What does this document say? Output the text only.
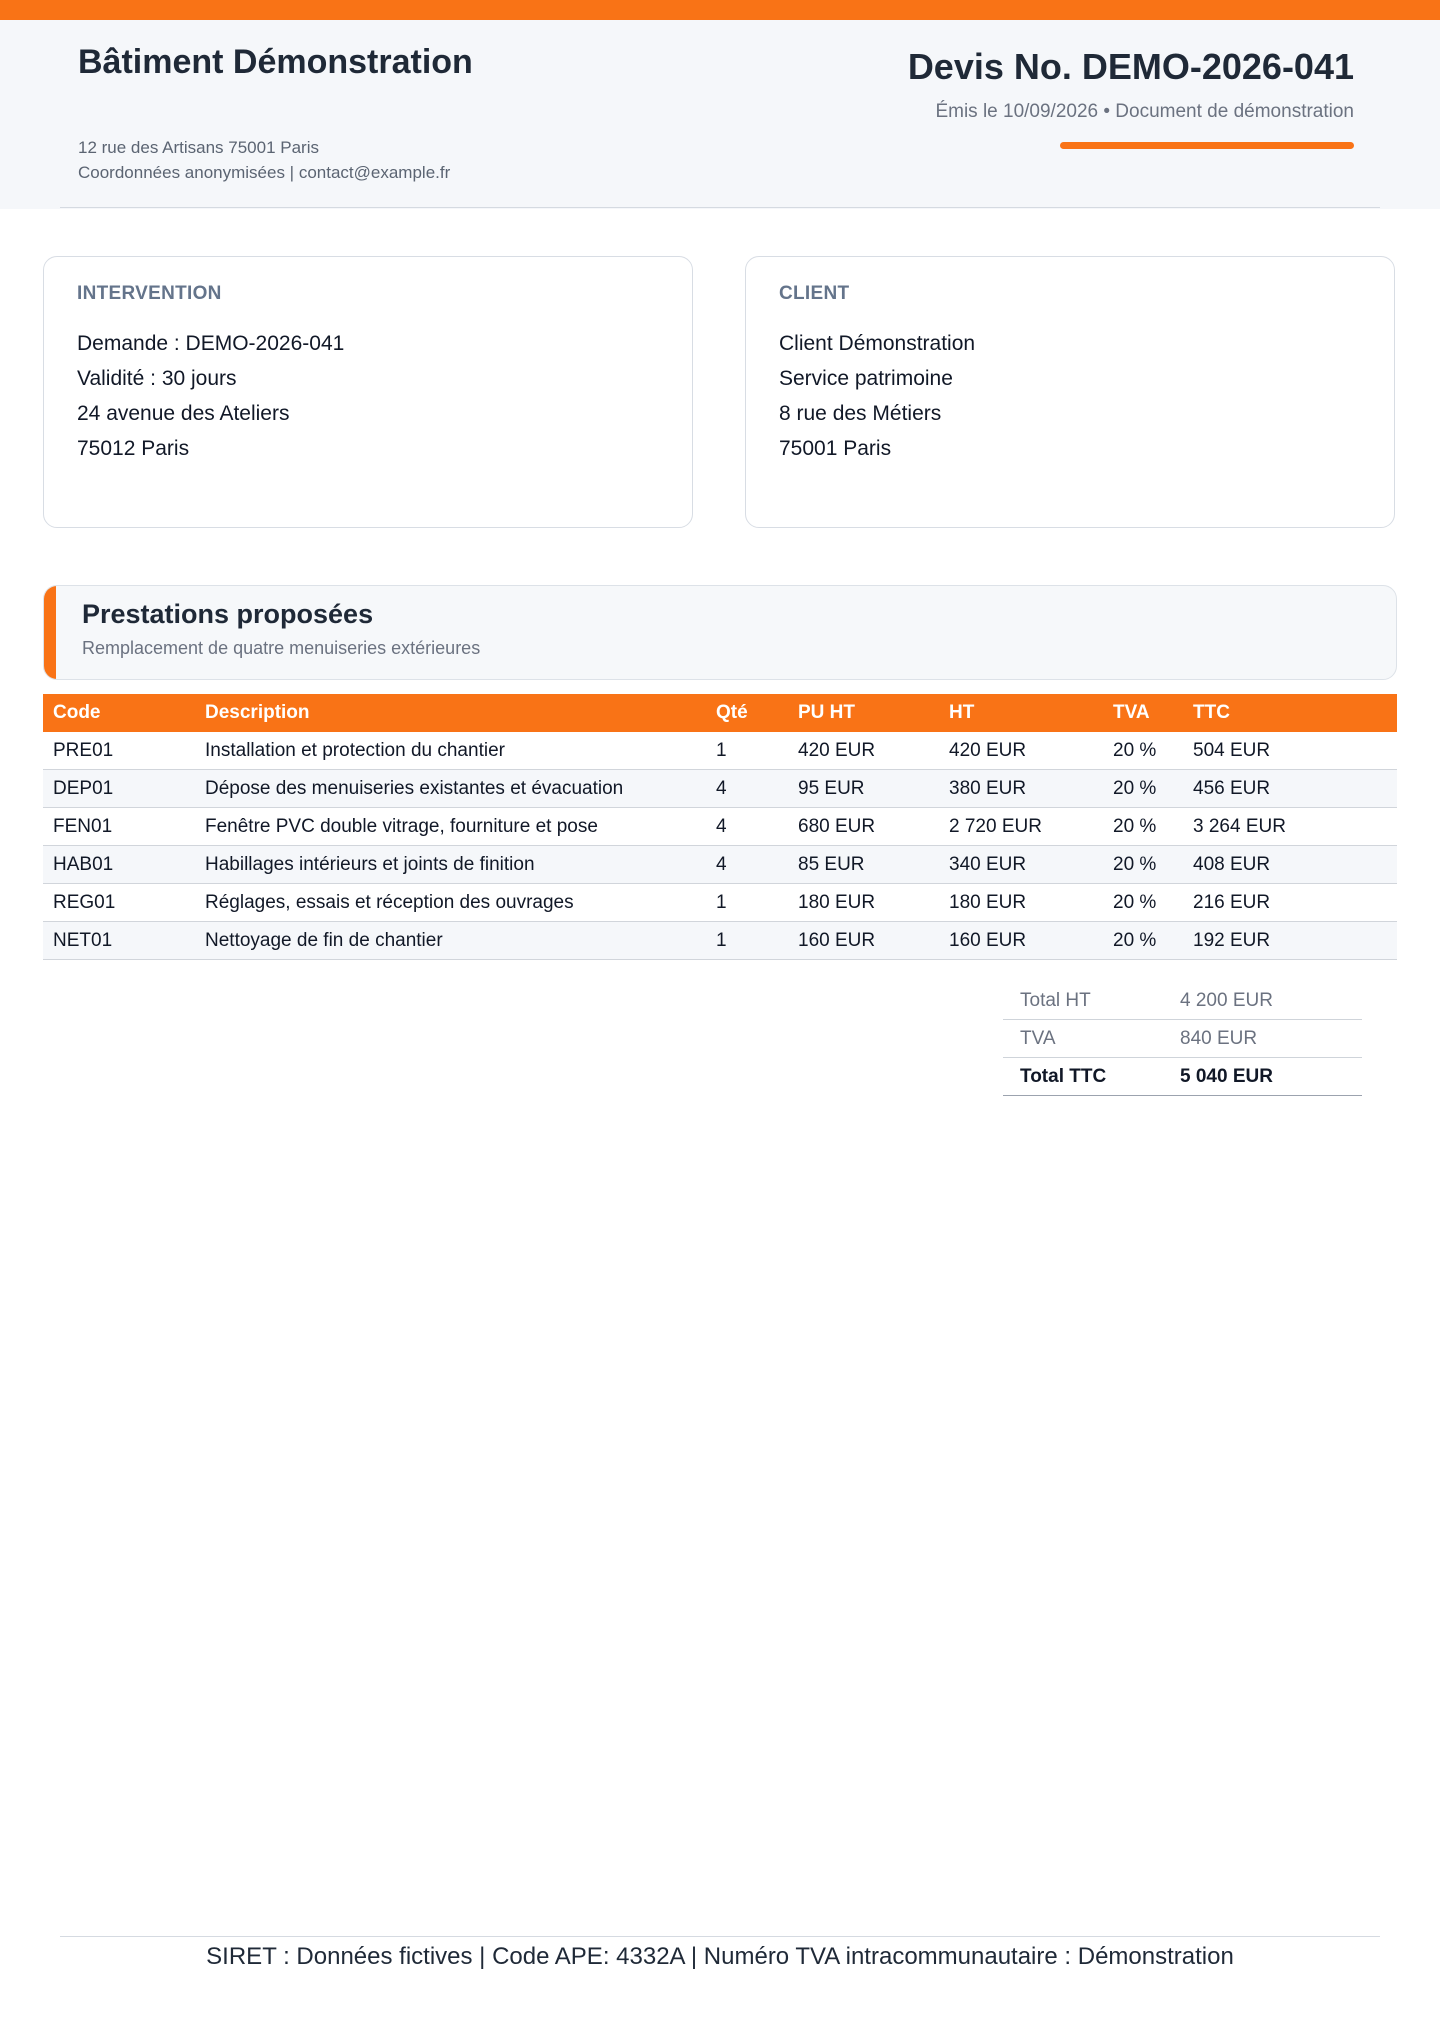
Bâtiment Démonstration
12 rue des Artisans 75001 Paris
Coordonnées anonymisées | contact@example.fr
Devis No. DEMO-2026-041
Émis le 10/09/2026 • Document de démonstration
INTERVENTION
Demande : DEMO-2026-041
Validité : 30 jours
24 avenue des Ateliers
75012 Paris
CLIENT
Client Démonstration
Service patrimoine
8 rue des Métiers
75001 Paris
Prestations proposées
Remplacement de quatre menuiseries extérieures
Code	Description	Qté	PU HT	HT	TVA	TTC
PRE01	Installation et protection du chantier	1	420 EUR	420 EUR	20 %	504 EUR
DEP01	Dépose des menuiseries existantes et évacuation	4	95 EUR	380 EUR	20 %	456 EUR
FEN01	Fenêtre PVC double vitrage, fourniture et pose	4	680 EUR	2 720 EUR	20 %	3 264 EUR
HAB01	Habillages intérieurs et joints de finition	4	85 EUR	340 EUR	20 %	408 EUR
REG01	Réglages, essais et réception des ouvrages	1	180 EUR	180 EUR	20 %	216 EUR
NET01	Nettoyage de fin de chantier	1	160 EUR	160 EUR	20 %	192 EUR
Total HT	4 200 EUR
TVA	840 EUR
Total TTC	5 040 EUR
SIRET : Données fictives | Code APE: 4332A | Numéro TVA intracommunautaire : Démonstration
